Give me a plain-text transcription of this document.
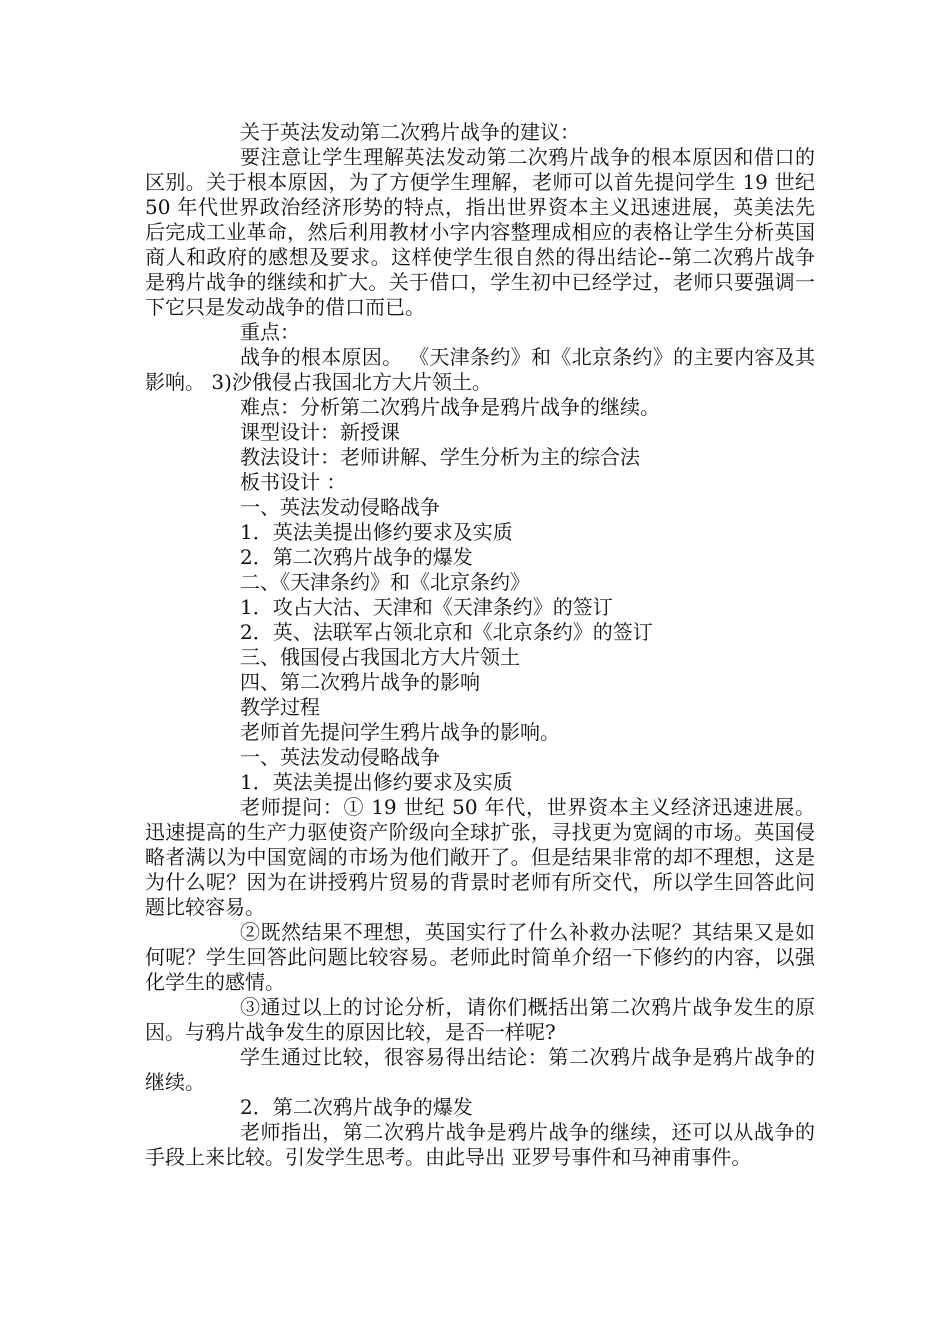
关于英法发动第二次鸦片战争的建议：

要注意让学生理解英法发动第二次鸦片战争的根本原因和借口的区别。关于根本原因，为了方便学生理解，老师可以首先提问学生 19 世纪 50 年代世界政治经济形势的特点，指出世界资本主义迅速进展，英美法先后完成工业革命，然后利用教材小字内容整理成相应的表格让学生分析英国商人和政府的感想及要求。这样使学生很自然的得出结论--第二次鸦片战争是鸦片战争的继续和扩大。关于借口，学生初中已经学过，老师只要强调一下它只是发动战争的借口而已。

重点：

战争的根本原因。 《天津条约》和《北京条约》的主要内容及其影响。 3)沙俄侵占我国北方大片领土。

难点：分析第二次鸦片战争是鸦片战争的继续。

课型设计：新授课

教法设计：老师讲解、学生分析为主的综合法

板书设计 ：

一、英法发动侵略战争

1．英法美提出修约要求及实质

2．第二次鸦片战争的爆发

二、《天津条约》和《北京条约》

1．攻占大沽、天津和《天津条约》的签订

2．英、法联军占领北京和《北京条约》的签订

三、俄国侵占我国北方大片领土

四、第二次鸦片战争的影响

教学过程

老师首先提问学生鸦片战争的影响。

一、英法发动侵略战争

1．英法美提出修约要求及实质

老师提问：① 19 世纪 50 年代，世界资本主义经济迅速进展。迅速提高的生产力驱使资产阶级向全球扩张，寻找更为宽阔的市场。英国侵略者满以为中国宽阔的市场为他们敞开了。但是结果非常的却不理想，这是为什么呢？因为在讲授鸦片贸易的背景时老师有所交代，所以学生回答此问题比较容易。

②既然结果不理想，英国实行了什么补救办法呢？其结果又是如何呢？学生回答此问题比较容易。老师此时简单介绍一下修约的内容，以强化学生的感情。

③通过以上的讨论分析，请你们概括出第二次鸦片战争发生的原因。与鸦片战争发生的原因比较，是否一样呢?

学生通过比较，很容易得出结论：第二次鸦片战争是鸦片战争的继续。

2．第二次鸦片战争的爆发

老师指出，第二次鸦片战争是鸦片战争的继续，还可以从战争的手段上来比较。引发学生思考。由此导出 亚罗号事件和马神甫事件。
